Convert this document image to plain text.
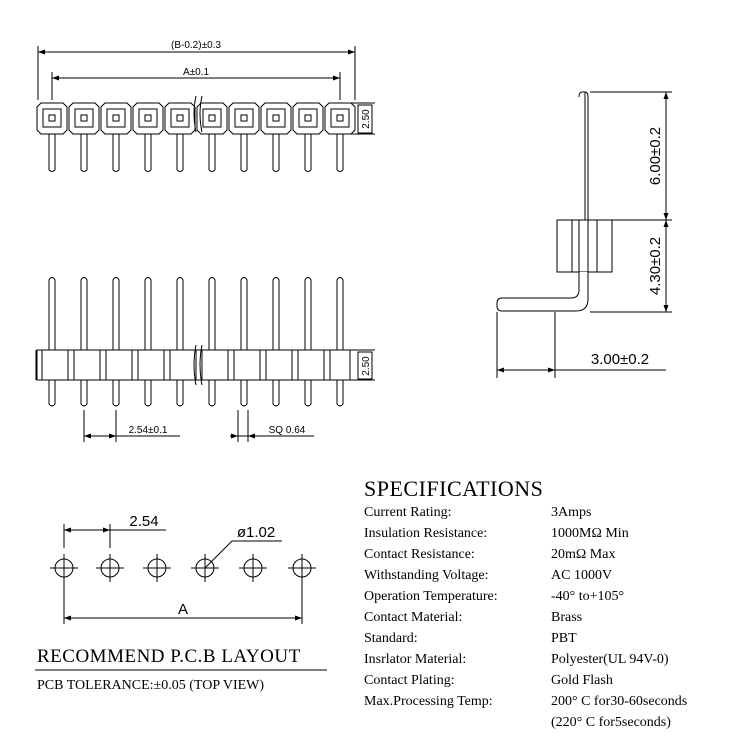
(B-0.2)±0.3
A±0.1
2.50
2.50
2.54±0.1	SQ 0.64
6.00±0.2
4.30±0.2
3.00±0.2
2.54
ø1.02
A
RECOMMEND P.C.B LAYOUT
PCB TOLERANCE:±0.05 (TOP VIEW)
SPECIFICATIONS
Current Rating:	3Amps
Insulation Resistance:	1000MΩ Min
Contact Resistance:	20mΩ Max
Withstanding Voltage:	AC 1000V
Operation Temperature:	-40° to+105°
Contact Material:	Brass
Standard:	PBT
Insrlator Material:	Polyester(UL 94V-0)
Contact Plating:	Gold Flash
Max.Processing Temp:	200° C for30-60seconds
(220° C for5seconds)
